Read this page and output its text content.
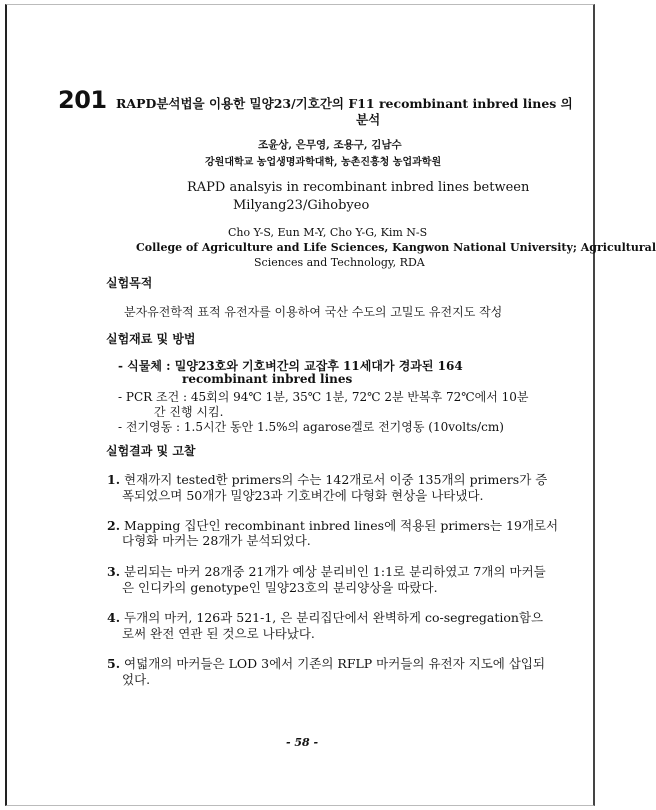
201 RAPD분석법을 이용한 밀양23/기호간의 F11 recombinant inbred lines 의
분석
조윤상, 은무영, 조용구, 김남수
강원대학교 농업생명과학대학, 농촌진흥청 농업과학원
RAPD analsyis in recombinant inbred lines between
Milyang23/Gihobyeo
Cho Y-S, Eun M-Y, Cho Y-G, Kim N-S
College of Agriculture and Life Sciences, Kangwon National University; Agricultural
Sciences and Technology, RDA
실험목적
분자유전학적 표적 유전자를 이용하여 국산 수도의 고밀도 유전지도 작성
실험재료 및 방법
- 식물체 : 밀양23호와 기호벼간의 교잡후 11세대가 경과된 164
recombinant inbred lines
- PCR 조건 : 45회의 94℃ 1분, 35℃ 1분, 72℃ 2분 반복후 72℃에서 10분
간 진행 시킴.
- 전기영동 : 1.5시간 동안 1.5%의 agarose겔로 전기영동 (10volts/cm)
실험결과 및 고찰
1. 현재까지 tested한 primers의 수는 142개로서 이중 135개의 primers가 증
폭되었으며 50개가 밀양23과 기호벼간에 다형화 현상을 나타냈다.
2. Mapping 집단인 recombinant inbred lines에 적용된 primers는 19개로서
다형화 마커는 28개가 분석되었다.
3. 분리되는 마커 28개중 21개가 예상 분리비인 1:1로 분리하였고 7개의 마커들
은 인디카의 genotype인 밀양23호의 분리양상을 따랐다.
4. 두개의 마커, 126과 521-1, 은 분리집단에서 완벽하게 co-segregation함으
로써 완전 연관 된 것으로 나타났다.
5. 여덟개의 마커들은 LOD 3에서 기존의 RFLP 마커들의 유전자 지도에 삽입되
었다.
- 58 -
